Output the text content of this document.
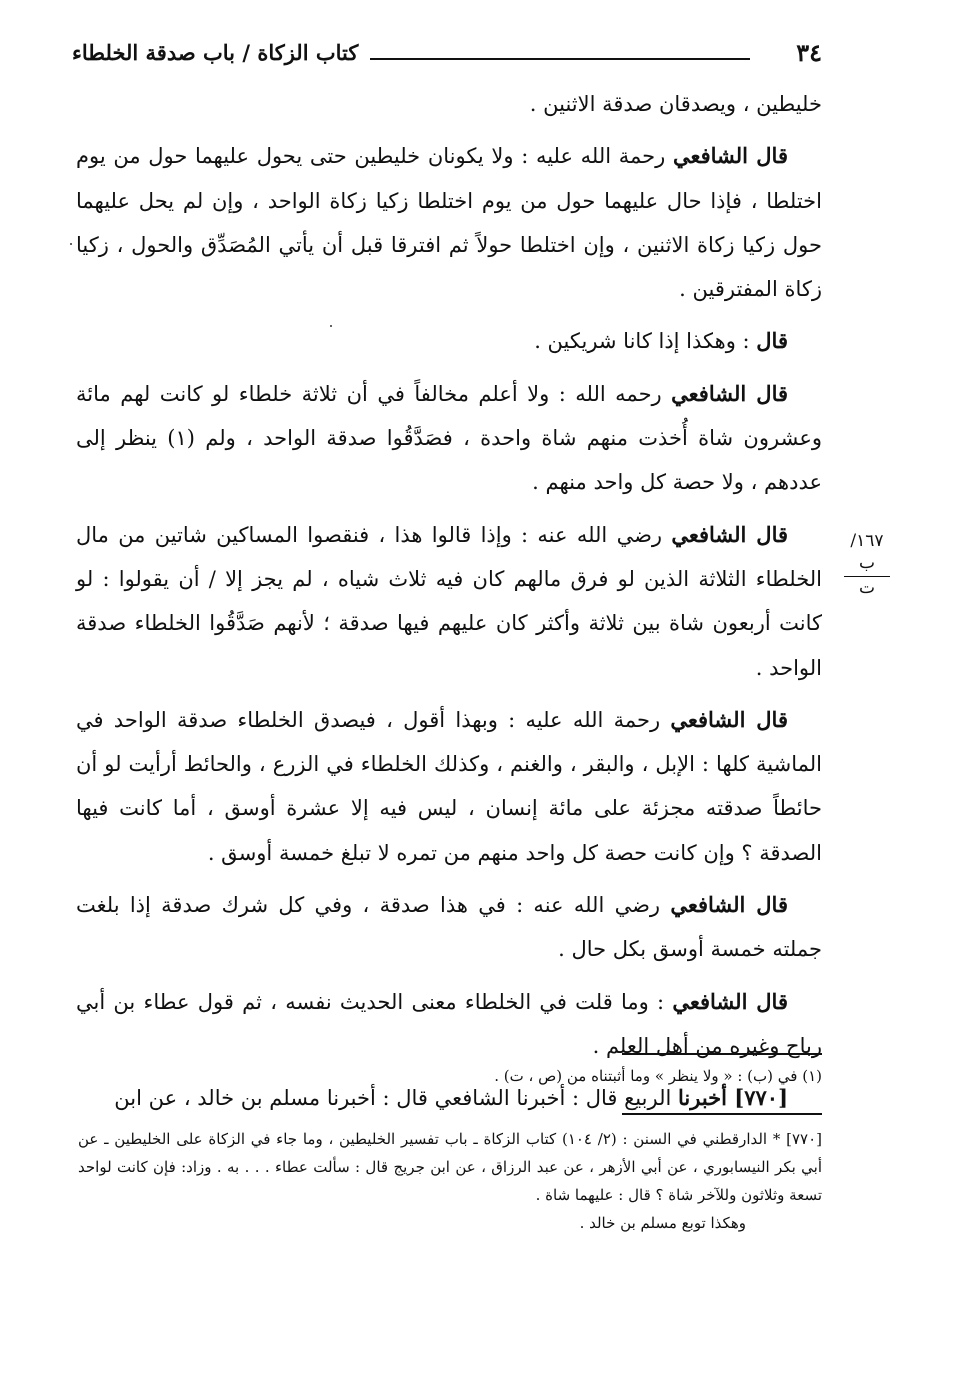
كتاب الزكاة / باب صدقة الخلطاء	٣٤

خليطين ، ويصدقان صدقة الاثنين .

قال الشافعي رحمة الله عليه : ولا يكونان خليطين حتى يحول عليهما حول من يوم اختلطا ، فإذا حال عليهما حول من يوم اختلطا زكيا زكاة الواحد ، وإن لم يحل عليهما حول زكيا زكاة الاثنين ، وإن اختلطا حولاً ثم افترقا قبل أن يأتي المُصَدِّق والحول ، زكيا زكاة المفترقين .

قال : وهكذا إذا كانا شريكين .

قال الشافعي رحمه الله : ولا أعلم مخالفاً في أن ثلاثة خلطاء لو كانت لهم مائة وعشرون شاة أُخذت منهم شاة واحدة ، فصَدَّقُوا صدقة الواحد ، ولم (١) ينظر إلى عددهم ، ولا حصة كل واحد منهم .

قال الشافعي رضي الله عنه : وإذا قالوا هذا ، فنقصوا المساكين شاتين من مال الخلطاء الثلاثة الذين لو فرق مالهم كان فيه ثلاث شياه ، لم يجز إلا / أن يقولوا : لو كانت أربعون شاة بين ثلاثة وأكثر كان عليهم فيها صدقة ؛ لأنهم صَدَّقُوا الخلطاء صدقة الواحد .

قال الشافعي رحمة الله عليه : وبهذا أقول ، فيصدق الخلطاء صدقة الواحد في الماشية كلها : الإبل ، والبقر ، والغنم ، وكذلك الخلطاء في الزرع ، والحائط أرأيت لو أن حائطاً صدقته مجزئة على مائة إنسان ، ليس فيه إلا عشرة أوسق ، أما كانت فيها الصدقة ؟ وإن كانت حصة كل واحد منهم من تمره لا تبلغ خمسة أوسق .

قال الشافعي رضي الله عنه : في هذا صدقة ، وفي كل شرك صدقة إذا بلغت جملته خمسة أوسق بكل حال .

قال الشافعي : وما قلت في الخلطاء معنى الحديث نفسه ، ثم قول عطاء بن أبي رباح وغيره من أهل العلم .

[٧٧٠] أخبرنا الربيع قال : أخبرنا الشافعي قال : أخبرنا مسلم بن خالد ، عن ابن

١٦٧/ب
ت
(١) في (ب) : « ولا ينظر » وما أثبتناه من (ص ، ت) .

[٧٧٠] * الدارقطني في السنن : (٢/ ١٠٤) كتاب الزكاة ـ باب تفسير الخليطين ، وما جاء في الزكاة على الخليطين ـ عن أبي بكر النيسابوري ، عن أبي الأزهر ، عن عبد الرزاق ، عن ابن جريج قال : سألت عطاء . . . به . وزاد: فإن كانت لواحد تسعة وثلاثون وللآخر شاة ؟ قال : عليهما شاة .

وهكذا توبع مسلم بن خالد .
